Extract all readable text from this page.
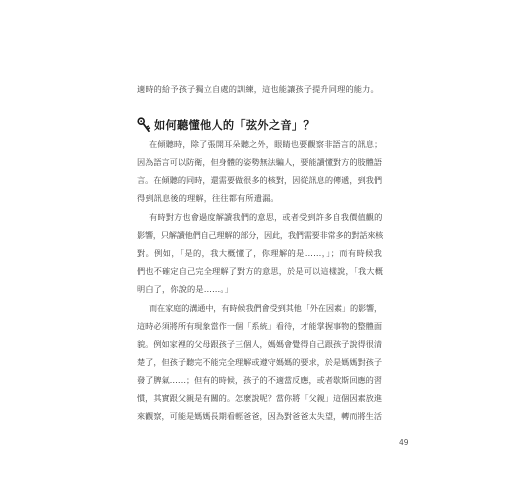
適時的給予孩子獨立自處的訓練，這也能讓孩子提升同理的能力。
如何聽懂他人的「弦外之音」？
在傾聽時，除了張開耳朵聽之外，眼睛也要觀察非語言的訊息；
因為語言可以防衛，但身體的姿勢無法騙人，要能讀懂對方的肢體語
言。在傾聽的同時，還需要做很多的核對，因從訊息的傳遞，到我們
得到訊息後的理解，往往都有所遺漏。
有時對方也會過度解讀我們的意思，或者受到許多自我價值觀的
影響，只解讀他們自己理解的部分，因此，我們需要非常多的對話來核
對。例如，「是的，我大概懂了，你理解的是……，」；而有時候我
們也不確定自己完全理解了對方的意思，於是可以這樣說，「我大概
明白了，你說的是……。」
而在家庭的溝通中，有時候我們會受到其他「外在因素」的影響，
這時必須將所有現象當作一個「系統」看待，才能掌握事物的整體面
貌。例如家裡的父母跟孩子三個人，媽媽會覺得自己跟孩子說得很清
楚了，但孩子聽完不能完全理解或遵守媽媽的要求，於是媽媽對孩子
發了脾氣……；但有的時候，孩子的不適當反應，或者歇斯回應的習
慣，其實跟父親是有關的。怎麼說呢？當你將「父親」這個因素放進
來觀察，可能是媽媽長期看輕爸爸，因為對爸爸太失望，轉而將生活
49
